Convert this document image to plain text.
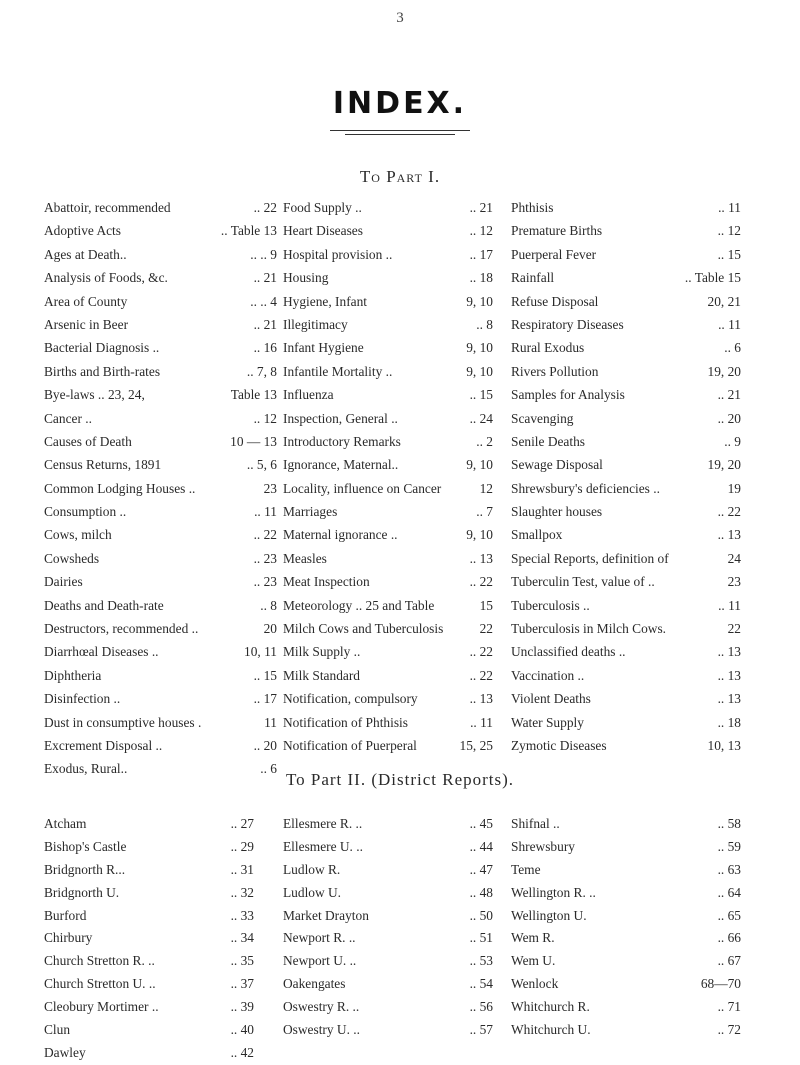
3
INDEX.
To Part I.
Abattoir, recommended	.. 22
Adoptive Acts	.. Table 13
Ages at Death..	.. .. 9
Analysis of Foods, &c.	.. 21
Area of County	.. .. 4
Arsenic in Beer	.. 21
Bacterial Diagnosis ..	.. 16
Births and Birth-rates	.. 7, 8
Bye-laws .. 23, 24,	Table 13
Cancer ..	.. 12
Causes of Death	10 — 13
Census Returns, 1891	.. 5, 6
Common Lodging Houses ..	23
Consumption ..	.. 11
Cows, milch	.. 22
Cowsheds	.. 23
Dairies	.. 23
Deaths and Death-rate	.. 8
Destructors, recommended ..	20
Diarrhœal Diseases ..	10, 11
Diphtheria	.. 15
Disinfection ..	.. 17
Dust in consumptive houses .	11
Excrement Disposal ..	.. 20
Exodus, Rural..	.. 6
Food Supply ..	.. 21
Heart Diseases	.. 12
Hospital provision ..	.. 17
Housing	.. 18
Hygiene, Infant	9, 10
Illegitimacy	.. 8
Infant Hygiene	9, 10
Infantile Mortality ..	9, 10
Influenza	.. 15
Inspection, General ..	.. 24
Introductory Remarks	.. 2
Ignorance, Maternal..	9, 10
Locality, influence on Cancer	12
Marriages	.. 7
Maternal ignorance ..	9, 10
Measles	.. 13
Meat Inspection	.. 22
Meteorology .. 25 and Table	15
Milch Cows and Tuberculosis	22
Milk Supply ..	.. 22
Milk Standard	.. 22
Notification, compulsory	.. 13
Notification of Phthisis	.. 11
Notification of Puerperal	15, 25
Phthisis	.. 11
Premature Births	.. 12
Puerperal Fever	.. 15
Rainfall	.. Table 15
Refuse Disposal	20, 21
Respiratory Diseases	.. 11
Rural Exodus	.. 6
Rivers Pollution	19, 20
Samples for Analysis	.. 21
Scavenging	.. 20
Senile Deaths	.. 9
Sewage Disposal	19, 20
Shrewsbury's deficiencies ..	19
Slaughter houses	.. 22
Smallpox	.. 13
Special Reports, definition of	24
Tuberculin Test, value of ..	23
Tuberculosis ..	.. 11
Tuberculosis in Milch Cows.	22
Unclassified deaths ..	.. 13
Vaccination ..	.. 13
Violent Deaths	.. 13
Water Supply	.. 18
Zymotic Diseases	10, 13
To Part II. (District Reports).
Atcham	.. 27
Bishop's Castle	.. 29
Bridgnorth R...	.. 31
Bridgnorth U.	.. 32
Burford	.. 33
Chirbury	.. 34
Church Stretton R. ..	.. 35
Church Stretton U. ..	.. 37
Cleobury Mortimer ..	.. 39
Clun	.. 40
Dawley	.. 42
Ellesmere R. ..	.. 45
Ellesmere U. ..	.. 44
Ludlow R.	.. 47
Ludlow U.	.. 48
Market Drayton	.. 50
Newport R. ..	.. 51
Newport U. ..	.. 53
Oakengates	.. 54
Oswestry R. ..	.. 56
Oswestry U. ..	.. 57
Shifnal ..	.. 58
Shrewsbury	.. 59
Teme	.. 63
Wellington R. ..	.. 64
Wellington U.	.. 65
Wem R.	.. 66
Wem U.	.. 67
Wenlock	68—70
Whitchurch R.	.. 71
Whitchurch U.	.. 72
